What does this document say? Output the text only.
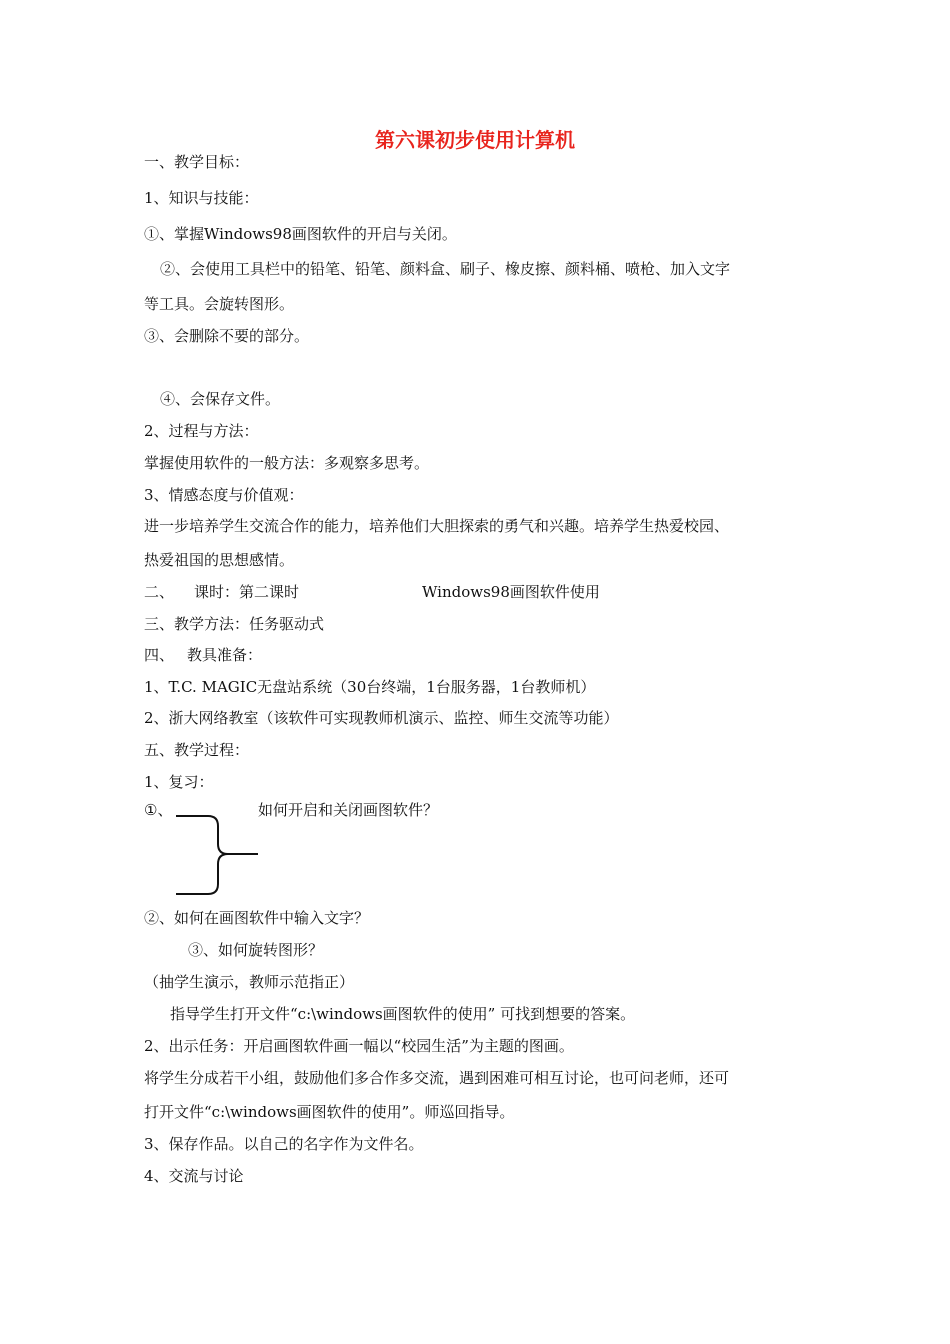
第六课初步使用计算机
一、教学目标：
1、知识与技能：
①、掌握Windows98画图软件的开启与关闭。
②、会使用工具栏中的铅笔、铅笔、颜料盒、刷子、橡皮擦、颜料桶、喷枪、加入文字
等工具。会旋转图形。
③、会删除不要的部分。
④、会保存文件。
2、过程与方法：
掌握使用软件的一般方法：多观察多思考。
3、情感态度与价值观：
进一步培养学生交流合作的能力，培养他们大胆探索的勇气和兴趣。培养学生热爱校园、
热爱祖国的思想感情。
二、 课时：第二课时	Windows98画图软件使用
三、教学方法：任务驱动式
四、 教具准备：
1、T.C. MAGIC无盘站系统（30台终端，1台服务器，1台教师机）
2、浙大网络教室（该软件可实现教师机演示、监控、师生交流等功能）
五、教学过程：
1、复习：
①、	如何开启和关闭画图软件？
②、如何在画图软件中输入文字？
③、如何旋转图形？
（抽学生演示，教师示范指正）
指导学生打开文件“c:\windows画图软件的使用” 可找到想要的答案。
2、出示任务：开启画图软件画一幅以“校园生活”为主题的图画。
将学生分成若干小组，鼓励他们多合作多交流，遇到困难可相互讨论，也可问老师，还可
打开文件“c:\windows画图软件的使用”。师巡回指导。
3、保存作品。以自己的名字作为文件名。
4、交流与讨论
